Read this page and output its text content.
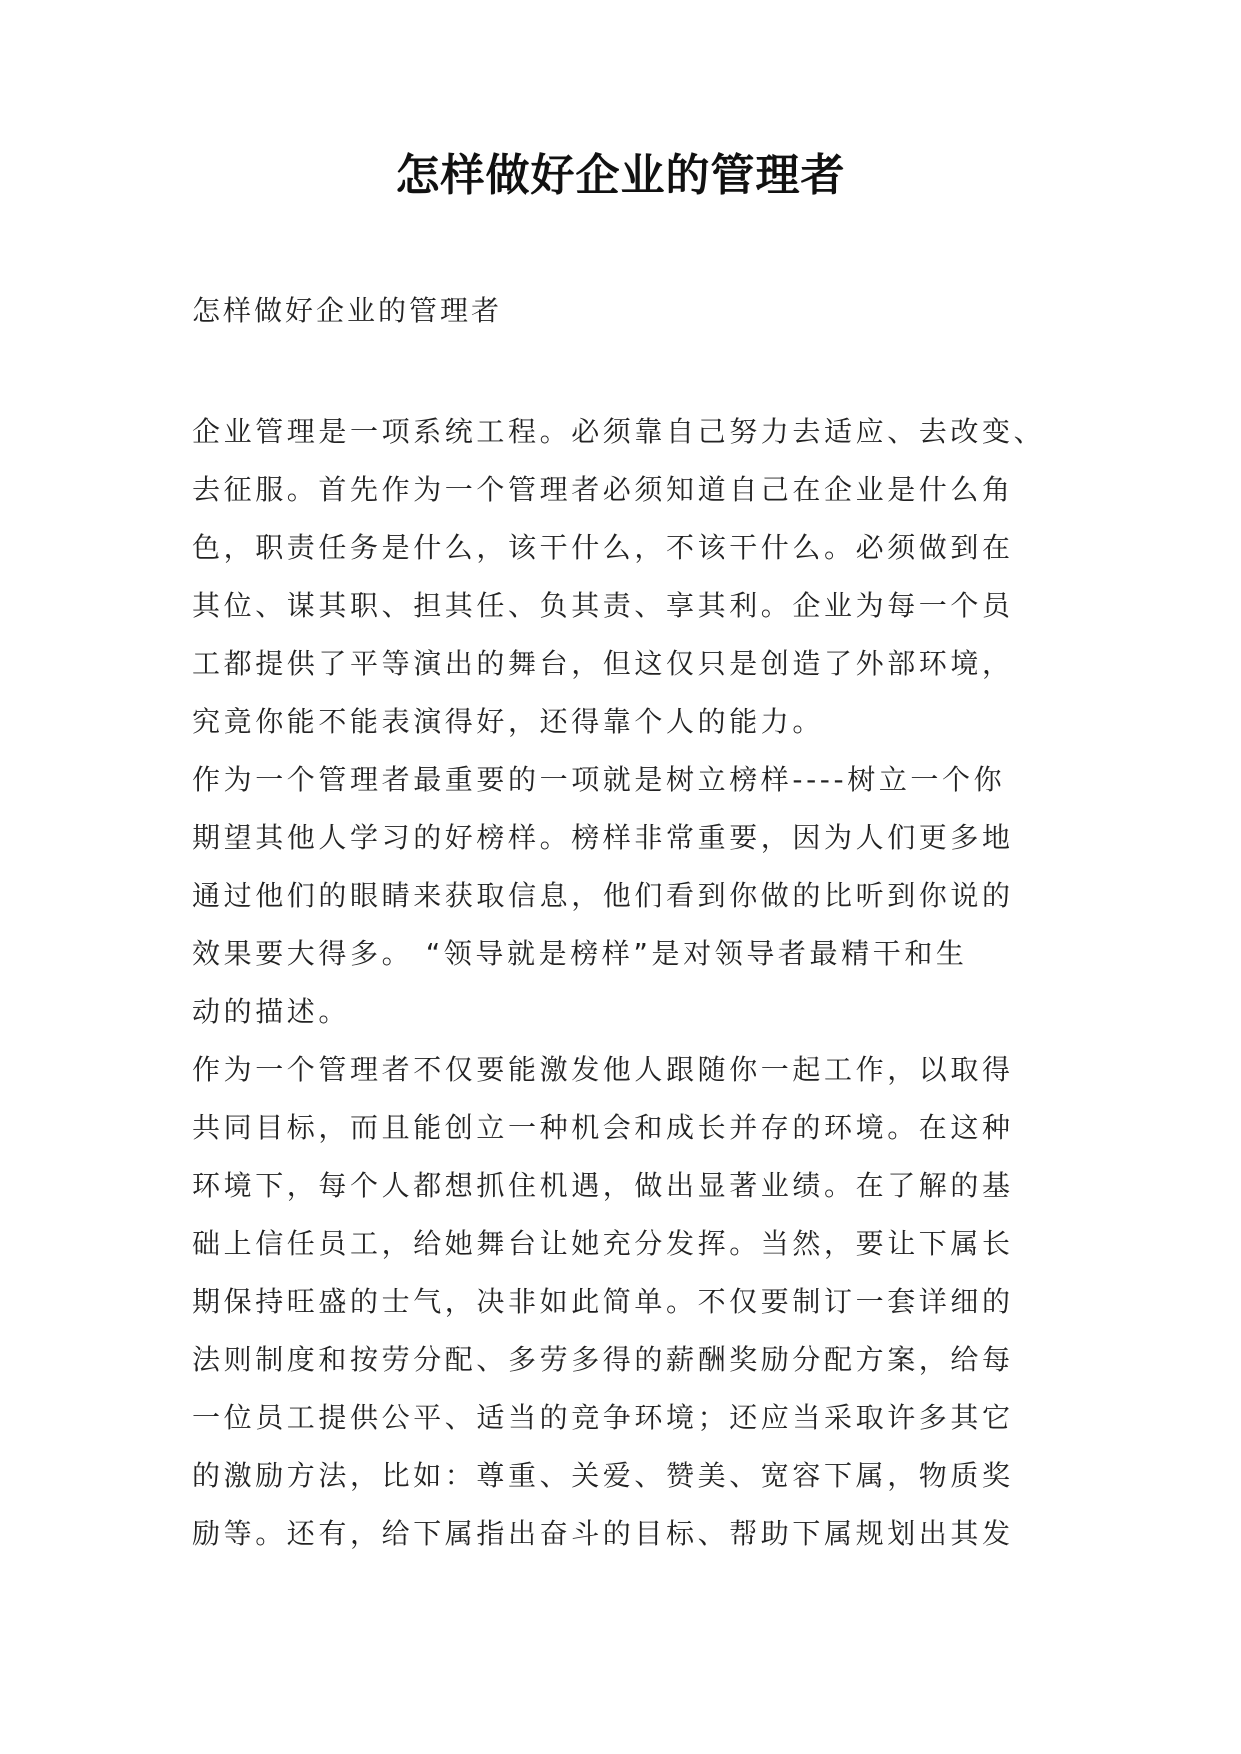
怎样做好企业的管理者
怎样做好企业的管理者
企业管理是一项系统工程。必须靠自己努力去适应、去改变、
去征服。首先作为一个管理者必须知道自己在企业是什么角
色，职责任务是什么，该干什么，不该干什么。必须做到在
其位、谋其职、担其任、负其责、享其利。企业为每一个员
工都提供了平等演出的舞台，但这仅只是创造了外部环境，
究竟你能不能表演得好，还得靠个人的能力。
作为一个管理者最重要的一项就是树立榜样----树立一个你
期望其他人学习的好榜样。榜样非常重要，因为人们更多地
通过他们的眼睛来获取信息，他们看到你做的比听到你说的
效果要大得多。 “领导就是榜样”是对领导者最精干和生
动的描述。
作为一个管理者不仅要能激发他人跟随你一起工作，以取得
共同目标，而且能创立一种机会和成长并存的环境。在这种
环境下，每个人都想抓住机遇，做出显著业绩。在了解的基
础上信任员工，给她舞台让她充分发挥。当然，要让下属长
期保持旺盛的士气，决非如此简单。不仅要制订一套详细的
法则制度和按劳分配、多劳多得的薪酬奖励分配方案，给每
一位员工提供公平、适当的竞争环境；还应当采取许多其它
的激励方法，比如：尊重、关爱、赞美、宽容下属，物质奖
励等。还有，给下属指出奋斗的目标、帮助下属规划出其发
